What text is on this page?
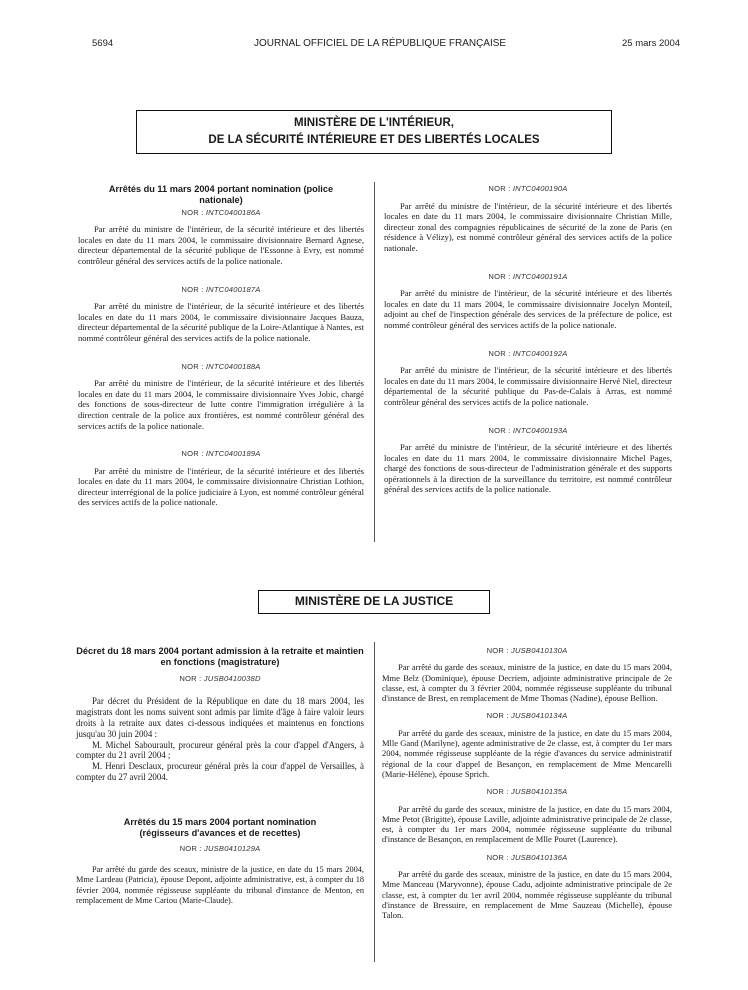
5694	JOURNAL OFFICIEL DE LA RÉPUBLIQUE FRANÇAISE	25 mars 2004
MINISTÈRE DE L'INTÉRIEUR,
DE LA SÉCURITÉ INTÉRIEURE ET DES LIBERTÉS LOCALES
Arrêtés du 11 mars 2004 portant nomination (police nationale)
NOR : INTC0400186A

Par arrêté du ministre de l'intérieur, de la sécurité intérieure et des libertés locales en date du 11 mars 2004, le commissaire divisionnaire Bernard Agnese, directeur départemental de la sécurité publique de l'Essonne à Evry, est nommé contrôleur général des services actifs de la police nationale.

NOR : INTC0400187A

Par arrêté du ministre de l'intérieur, de la sécurité intérieure et des libertés locales en date du 11 mars 2004, le commissaire divisionnaire Jacques Bauza, directeur départemental de la sécurité publique de la Loire-Atlantique à Nantes, est nommé contrôleur général des services actifs de la police nationale.

NOR : INTC0400188A

Par arrêté du ministre de l'intérieur, de la sécurité intérieure et des libertés locales en date du 11 mars 2004, le commissaire divisionnaire Yves Jobic, chargé des fonctions de sous-directeur de lutte contre l'immigration irrégulière à la direction centrale de la police aux frontières, est nommé contrôleur général des services actifs de la police nationale.

NOR : INTC0400189A

Par arrêté du ministre de l'intérieur, de la sécurité intérieure et des libertés locales en date du 11 mars 2004, le commissaire divisionnaire Christian Lothion, directeur interrégional de la police judiciaire à Lyon, est nommé contrôleur général des services actifs de la police nationale.

NOR : INTC0400190A

Par arrêté du ministre de l'intérieur, de la sécurité intérieure et des libertés locales en date du 11 mars 2004, le commissaire divisionnaire Christian Mille, directeur zonal des compagnies républicaines de sécurité de la zone de Paris (en résidence à Vélizy), est nommé contrôleur général des services actifs de la police nationale.

NOR : INTC0400191A

Par arrêté du ministre de l'intérieur, de la sécurité intérieure et des libertés locales en date du 11 mars 2004, le commissaire divisionnaire Jocelyn Monteil, adjoint au chef de l'inspection générale des services de la préfecture de police, est nommé contrôleur général des services actifs de la police nationale.

NOR : INTC0400192A

Par arrêté du ministre de l'intérieur, de la sécurité intérieure et des libertés locales en date du 11 mars 2004, le commissaire divisionnaire Hervé Niel, directeur départemental de la sécurité publique du Pas-de-Calais à Arras, est nommé contrôleur général des services actifs de la police nationale.

NOR : INTC0400193A

Par arrêté du ministre de l'intérieur, de la sécurité intérieure et des libertés locales en date du 11 mars 2004, le commissaire divisionnaire Michel Pages, chargé des fonctions de sous-directeur de l'administration générale et des supports opérationnels à la direction de la surveillance du territoire, est nommé contrôleur général des services actifs de la police nationale.

MINISTÈRE DE LA JUSTICE
Décret du 18 mars 2004 portant admission à la retraite et maintien en fonctions (magistrature)
NOR : JUSB0410038D

Par décret du Président de la République en date du 18 mars 2004, les magistrats dont les noms suivent sont admis par limite d'âge à faire valoir leurs droits à la retraite aux dates ci-dessous indiquées et maintenus en fonctions jusqu'au 30 juin 2004 :

M. Michel Sabourault, procureur général près la cour d'appel d'Angers, à compter du 21 avril 2004 ;

M. Henri Desclaux, procureur général près la cour d'appel de Versailles, à compter du 27 avril 2004.

Arrêtés du 15 mars 2004 portant nomination (régisseurs d'avances et de recettes)
NOR : JUSB0410129A

Par arrêté du garde des sceaux, ministre de la justice, en date du 15 mars 2004, Mme Lardeau (Patricia), épouse Depont, adjointe administrative, est, à compter du 18 février 2004, nommée régisseuse suppléante du tribunal d'instance de Menton, en remplacement de Mme Cariou (Marie-Claude).

NOR : JUSB0410130A

Par arrêté du garde des sceaux, ministre de la justice, en date du 15 mars 2004, Mme Belz (Dominique), épouse Decriem, adjointe administrative principale de 2e classe, est, à compter du 3 février 2004, nommée régisseuse suppléante du tribunal d'instance de Brest, en remplacement de Mme Thomas (Nadine), épouse Bellion.

NOR : JUSB0410134A

Par arrêté du garde des sceaux, ministre de la justice, en date du 15 mars 2004, Mlle Gand (Marilyne), agente administrative de 2e classe, est, à compter du 1er mars 2004, nommée régisseuse suppléante de la régie d'avances du service administratif régional de la cour d'appel de Besançon, en remplacement de Mme Mencarelli (Marie-Hélène), épouse Sprich.

NOR : JUSB0410135A

Par arrêté du garde des sceaux, ministre de la justice, en date du 15 mars 2004, Mme Petot (Brigitte), épouse Laville, adjointe administrative principale de 2e classe, est, à compter du 1er mars 2004, nommée régisseuse suppléante du tribunal d'instance de Besançon, en remplacement de Mlle Pouret (Laurence).

NOR : JUSB0410136A

Par arrêté du garde des sceaux, ministre de la justice, en date du 15 mars 2004, Mme Manceau (Maryvonne), épouse Cadu, adjointe administrative principale de 2e classe, est, à compter du 1er avril 2004, nommée régisseuse suppléante du tribunal d'instance de Bressuire, en remplacement de Mme Sauzeau (Michelle), épouse Talon.
